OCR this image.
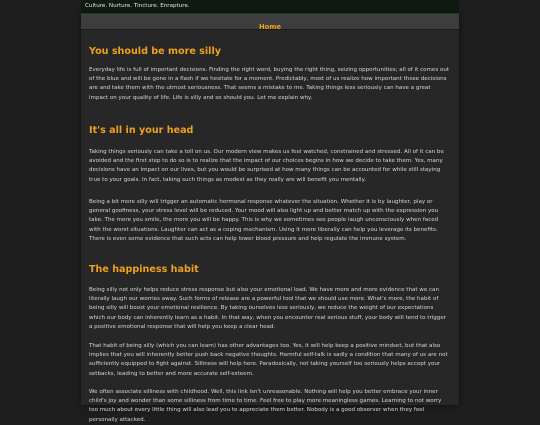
Culture. Nurture. Tincture. Enrapture.
Home
You should be more silly

Everyday life is full of important decisions. Finding the right word, buying the right thing, seizing opportunities; all of it comes out of the blue and will be gone in a flash if we hesitate for a moment. Predictably, most of us realize how important those decisions are and take them with the utmost seriousness. That seems a mistake to me. Taking things less seriously can have a great impact on your quality of life. Life is silly and so should you. Let me explain why.

It's all in your head

Taking things seriously can take a toll on us. Our modern view makes us feel watched, constrained and stressed. All of it can be avoided and the first step to do so is to realize that the impact of our choices begins in how we decide to take them. Yes, many decisions have an impact on our lives, but you would be surprised at how many things can be accounted for while still staying true to your goals. In fact, taking such things as modest as they really are will benefit you mentally.

Being a bit more silly will trigger an automatic hormonal response whatever the situation. Whether it is by laughter, play or general goofiness, your stress level will be reduced. Your mood will also light up and better match up with the expression you take. The more you smile, the more you will be happy. This is why we sometimes see people laugh unconsciously when faced with the worst situations. Laughter can act as a coping mechanism. Using it more liberally can help you leverage its benefits. There is even some evidence that such acts can help lower blood pressure and help regulate the immune system.

The happiness habit

Being silly not only helps reduce stress response but also your emotional load. We have more and more evidence that we can literally laugh our worries away. Such forms of release are a powerful tool that we should use more. What's more, the habit of being silly will boost your emotional resilience. By taking ourselves less seriously, we reduce the weight of our expectations which our body can inherently learn as a habit. In that way, when you encounter real serious stuff, your body will tend to trigger a positive emotional response that will help you keep a clear head.

That habit of being silly (which you can learn) has other advantages too. Yes, it will help keep a positive mindset, but that also implies that you will inherently better push back negative thoughts. Harmful self-talk is sadly a condition that many of us are not sufficiently equipped to fight against. Silliness will help here. Paradoxically, not taking yourself too seriously helps accept your setbacks, leading to better and more accurate self-esteem.

We often associate silliness with childhood. Well, this link isn't unreasonable. Nothing will help you better embrace your inner child's joy and wonder than some silliness from time to time. Feel free to play more meaningless games. Learning to not worry too much about every little thing will also lead you to appreciate them better. Nobody is a good observer when they feel personally attacked.
